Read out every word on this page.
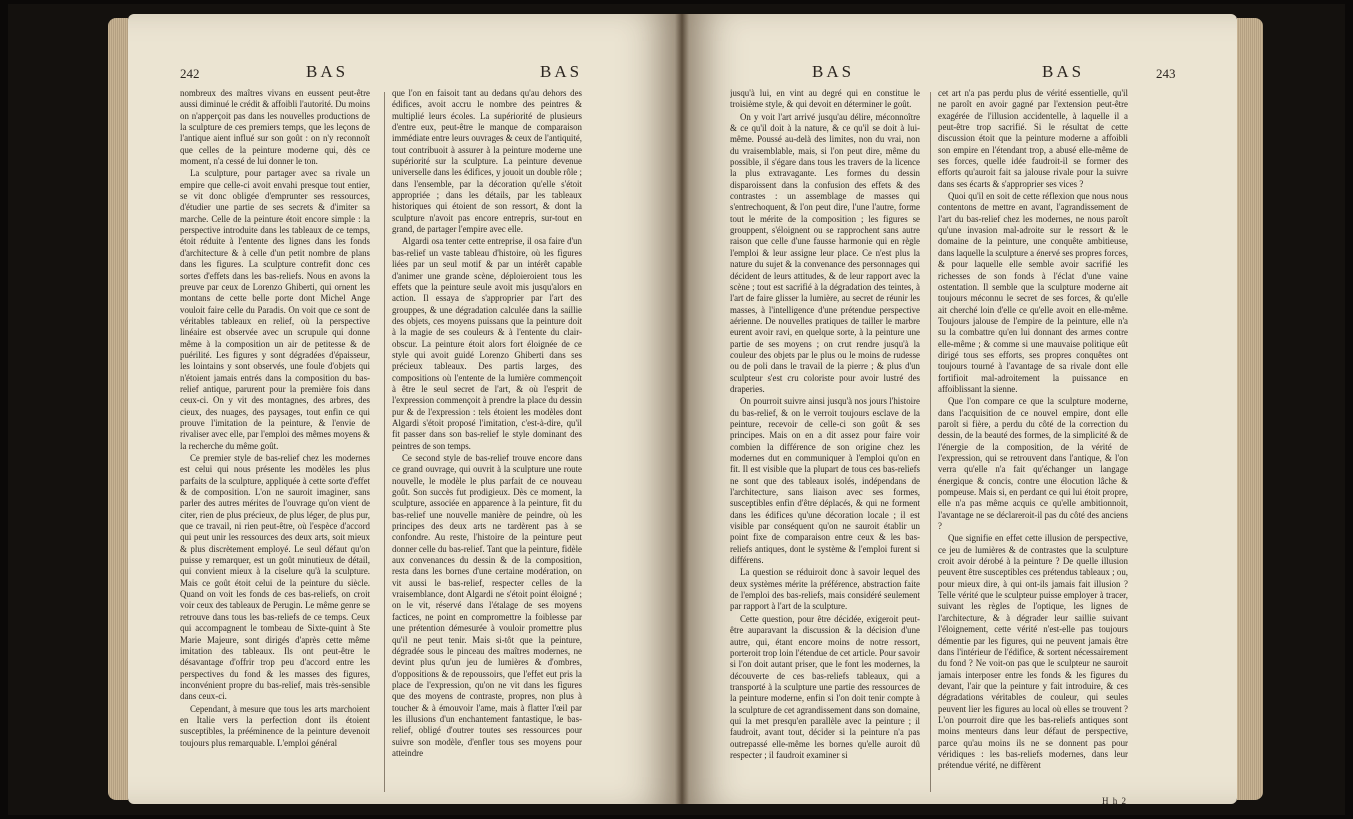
242	BAS	BAS

nombreux des maîtres vivans en eussent peut-être aussi diminué le crédit & affoibli l'autorité. Du moins on n'apperçoit pas dans les nouvelles productions de la sculpture de ces premiers temps, que les leçons de l'antique aient influé sur son goût : on n'y reconnoît que celles de la peinture moderne qui, dès ce moment, n'a cessé de lui donner le ton.

La sculpture, pour partager avec sa rivale un empire que celle-ci avoit envahi presque tout entier, se vit donc obligée d'emprunter ses ressources, d'étudier une partie de ses secrets & d'imiter sa marche. Celle de la peinture étoit encore simple : la perspective introduite dans les tableaux de ce temps, étoit réduite à l'entente des lignes dans les fonds d'architecture & à celle d'un petit nombre de plans dans les figures. La sculpture contrefit donc ces sortes d'effets dans les bas-reliefs. Nous en avons la preuve par ceux de Lorenzo Ghiberti, qui ornent les montans de cette belle porte dont Michel Ange vouloit faire celle du Paradis. On voit que ce sont de véritables tableaux en relief, où la perspective linéaire est observée avec un scrupule qui donne même à la composition un air de petitesse & de puérilité. Les figures y sont dégradées d'épaisseur, les lointains y sont observés, une foule d'objets qui n'étoient jamais entrés dans la composition du bas-relief antique, parurent pour la première fois dans ceux-ci. On y vit des montagnes, des arbres, des cieux, des nuages, des paysages, tout enfin ce qui prouve l'imitation de la peinture, & l'envie de rivaliser avec elle, par l'emploi des mêmes moyens & la recherche du même goût.

Ce premier style de bas-relief chez les modernes est celui qui nous présente les modèles les plus parfaits de la sculpture, appliquée à cette sorte d'effet & de composition. L'on ne sauroit imaginer, sans parler des autres mérites de l'ouvrage qu'on vient de citer, rien de plus précieux, de plus léger, de plus pur, que ce travail, ni rien peut-être, où l'espèce d'accord qui peut unir les ressources des deux arts, soit mieux & plus discrètement employé. Le seul défaut qu'on puisse y remarquer, est un goût minutieux de détail, qui convient mieux à la ciselure qu'à la sculpture. Mais ce goût étoit celui de la peinture du siècle. Quand on voit les fonds de ces bas-reliefs, on croit voir ceux des tableaux de Perugin. Le même genre se retrouve dans tous les bas-reliefs de ce temps. Ceux qui accompagnent le tombeau de Sixte-quint à Ste Marie Majeure, sont dirigés d'après cette même imitation des tableaux. Ils ont peut-être le désavantage d'offrir trop peu d'accord entre les perspectives du fond & les masses des figures, inconvénient propre du bas-relief, mais très-sensible dans ceux-ci.

Cependant, à mesure que tous les arts marchoient en Italie vers la perfection dont ils étoient susceptibles, la prééminence de la peinture devenoit toujours plus remarquable. L'emploi général

que l'on en faisoit tant au dedans qu'au dehors des édifices, avoit accru le nombre des peintres & multiplié leurs écoles. La supériorité de plusieurs d'entre eux, peut-être le manque de comparaison immédiate entre leurs ouvrages & ceux de l'antiquité, tout contribuoit à assurer à la peinture moderne une supériorité sur la sculpture. La peinture devenue universelle dans les édifices, y jouoit un double rôle ; dans l'ensemble, par la décoration qu'elle s'étoit appropriée ; dans les détails, par les tableaux historiques qui étoient de son ressort, & dont la sculpture n'avoit pas encore entrepris, sur-tout en grand, de partager l'empire avec elle.

Algardi osa tenter cette entreprise, il osa faire d'un bas-relief un vaste tableau d'histoire, où les figures liées par un seul motif & par un intérêt capable d'animer une grande scène, déploieroient tous les effets que la peinture seule avoit mis jusqu'alors en action. Il essaya de s'approprier par l'art des grouppes, & une dégradation calculée dans la saillie des objets, ces moyens puissans que la peinture doit à la magie de ses couleurs & à l'entente du clair-obscur. La peinture étoit alors fort éloignée de ce style qui avoit guidé Lorenzo Ghiberti dans ses précieux tableaux. Des partis larges, des compositions où l'entente de la lumière commençoit à être le seul secret de l'art, & où l'esprit de l'expression commençoit à prendre la place du dessin pur & de l'expression : tels étoient les modèles dont Algardi s'étoit proposé l'imitation, c'est-à-dire, qu'il fit passer dans son bas-relief le style dominant des peintres de son temps.

Ce second style de bas-relief trouve encore dans ce grand ouvrage, qui ouvrit à la sculpture une route nouvelle, le modèle le plus parfait de ce nouveau goût. Son succès fut prodigieux. Dès ce moment, la sculpture, associée en apparence à la peinture, fit du bas-relief une nouvelle manière de peindre, où les principes des deux arts ne tardèrent pas à se confondre. Au reste, l'histoire de la peinture peut donner celle du bas-relief. Tant que la peinture, fidèle aux convenances du dessin & de la composition, resta dans les bornes d'une certaine modération, on vit aussi le bas-relief, respecter celles de la vraisemblance, dont Algardi ne s'étoit point éloigné ; on le vit, réservé dans l'étalage de ses moyens factices, ne point en compromettre la foiblesse par une prétention démesurée à vouloir promettre plus qu'il ne peut tenir. Mais si-tôt que la peinture, dégradée sous le pinceau des maîtres modernes, ne devint plus qu'un jeu de lumières & d'ombres, d'oppositions & de repoussoirs, que l'effet eut pris la place de l'expression, qu'on ne vit dans les figures que des moyens de contraste, propres, non plus à toucher & à émouvoir l'ame, mais à flatter l'œil par les illusions d'un enchantement fantastique, le bas-relief, obligé d'outrer toutes ses ressources pour suivre son modèle, d'enfler tous ses moyens pour atteindre

BAS	BAS	243

jusqu'à lui, en vint au degré qui en constitue le troisième style, & qui devoit en déterminer le goût.

On y voit l'art arrivé jusqu'au délire, méconnoître & ce qu'il doit à la nature, & ce qu'il se doit à lui-même. Poussé au-delà des limites, non du vrai, non du vraisemblable, mais, si l'on peut dire, même du possible, il s'égare dans tous les travers de la licence la plus extravagante. Les formes du dessin disparoissent dans la confusion des effets & des contrastes : un assemblage de masses qui s'entrechoquent, & l'on peut dire, l'une l'autre, forme tout le mérite de la composition ; les figures se grouppent, s'éloignent ou se rapprochent sans autre raison que celle d'une fausse harmonie qui en règle l'emploi & leur assigne leur place. Ce n'est plus la nature du sujet & la convenance des personnages qui décident de leurs attitudes, & de leur rapport avec la scène ; tout est sacrifié à la dégradation des teintes, à l'art de faire glisser la lumière, au secret de réunir les masses, à l'intelligence d'une prétendue perspective aérienne. De nouvelles pratiques de tailler le marbre eurent avoir ravi, en quelque sorte, à la peinture une partie de ses moyens ; on crut rendre jusqu'à la couleur des objets par le plus ou le moins de rudesse ou de poli dans le travail de la pierre ; & plus d'un sculpteur s'est cru coloriste pour avoir lustré des draperies.

On pourroit suivre ainsi jusqu'à nos jours l'histoire du bas-relief, & on le verroit toujours esclave de la peinture, recevoir de celle-ci son goût & ses principes. Mais on en a dit assez pour faire voir combien la différence de son origine chez les modernes dut en communiquer à l'emploi qu'on en fit. Il est visible que la plupart de tous ces bas-reliefs ne sont que des tableaux isolés, indépendans de l'architecture, sans liaison avec ses formes, susceptibles enfin d'être déplacés, & qui ne forment dans les édifices qu'une décoration locale ; il est visible par conséquent qu'on ne sauroit établir un point fixe de comparaison entre ceux & les bas-reliefs antiques, dont le système & l'emploi furent si différens.

La question se réduiroit donc à savoir lequel des deux systèmes mérite la préférence, abstraction faite de l'emploi des bas-reliefs, mais considéré seulement par rapport à l'art de la sculpture.

Cette question, pour être décidée, exigeroit peut-être auparavant la discussion & la décision d'une autre, qui, étant encore moins de notre ressort, porteroit trop loin l'étendue de cet article. Pour savoir si l'on doit autant priser, que le font les modernes, la découverte de ces bas-reliefs tableaux, qui a transporté à la sculpture une partie des ressources de la peinture moderne, enfin si l'on doit tenir compte à la sculpture de cet agrandissement dans son domaine, qui la met presqu'en parallèle avec la peinture ; il faudroit, avant tout, décider si la peinture n'a pas outrepassé elle-même les bornes qu'elle auroit dû respecter ; il faudroit examiner si

cet art n'a pas perdu plus de vérité essentielle, qu'il ne paroît en avoir gagné par l'extension peut-être exagérée de l'illusion accidentelle, à laquelle il a peut-être trop sacrifié. Si le résultat de cette discussion étoit que la peinture moderne a affoibli son empire en l'étendant trop, a abusé elle-même de ses forces, quelle idée faudroit-il se former des efforts qu'auroit fait sa jalouse rivale pour la suivre dans ses écarts & s'approprier ses vices ?

Quoi qu'il en soit de cette réflexion que nous nous contentons de mettre en avant, l'agrandissement de l'art du bas-relief chez les modernes, ne nous paroît qu'une invasion mal-adroite sur le ressort & le domaine de la peinture, une conquête ambitieuse, dans laquelle la sculpture a énervé ses propres forces, & pour laquelle elle semble avoir sacrifié les richesses de son fonds à l'éclat d'une vaine ostentation. Il semble que la sculpture moderne ait toujours méconnu le secret de ses forces, & qu'elle ait cherché loin d'elle ce qu'elle avoit en elle-même. Toujours jalouse de l'empire de la peinture, elle n'a su la combattre qu'en lui donnant des armes contre elle-même ; & comme si une mauvaise politique eût dirigé tous ses efforts, ses propres conquêtes ont toujours tourné à l'avantage de sa rivale dont elle fortifioit mal-adroitement la puissance en affoiblissant la sienne.

Que l'on compare ce que la sculpture moderne, dans l'acquisition de ce nouvel empire, dont elle paroît si fière, a perdu du côté de la correction du dessin, de la beauté des formes, de la simplicité & de l'énergie de la composition, de la vérité de l'expression, qui se retrouvent dans l'antique, & l'on verra qu'elle n'a fait qu'échanger un langage énergique & concis, contre une élocution lâche & pompeuse. Mais si, en perdant ce qui lui étoit propre, elle n'a pas même acquis ce qu'elle ambitionnoit, l'avantage ne se déclareroit-il pas du côté des anciens ?

Que signifie en effet cette illusion de perspective, ce jeu de lumières & de contrastes que la sculpture croit avoir dérobé à la peinture ? De quelle illusion peuvent être susceptibles ces prétendus tableaux ; ou, pour mieux dire, à qui ont-ils jamais fait illusion ? Telle vérité que le sculpteur puisse employer à tracer, suivant les règles de l'optique, les lignes de l'architecture, & à dégrader leur saillie suivant l'éloignement, cette vérité n'est-elle pas toujours démentie par les figures, qui ne peuvent jamais être dans l'intérieur de l'édifice, & sortent nécessairement du fond ? Ne voit-on pas que le sculpteur ne sauroit jamais interposer entre les fonds & les figures du devant, l'air que la peinture y fait introduire, & ces dégradations véritables de couleur, qui seules peuvent lier les figures au local où elles se trouvent ? L'on pourroit dire que les bas-reliefs antiques sont moins menteurs dans leur défaut de perspective, parce qu'au moins ils ne se donnent pas pour véridiques : les bas-reliefs modernes, dans leur prétendue vérité, ne diffèrent

H h 2
